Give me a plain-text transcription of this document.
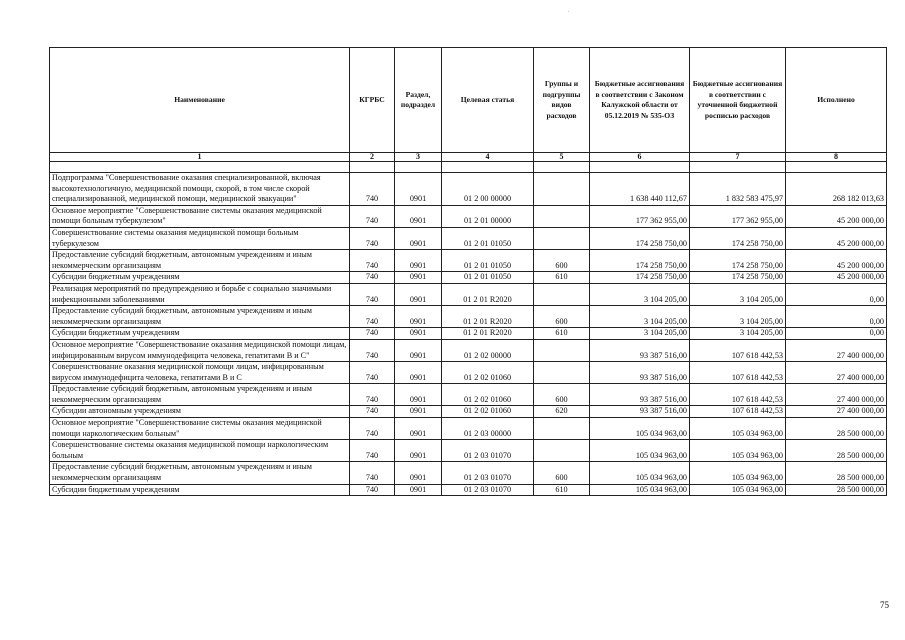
.
Наименование	КГРБС	Раздел, подраздел	Целевая статья	Группы и подгруппы видов расходов	Бюджетные ассигнования в соответствии с Законом Калужской области от 05.12.2019 № 535-ОЗ	Бюджетные ассигнования в соответствии с уточненной бюджетной росписью расходов	Исполнено
1	2	3	4	5	6	7	8

Подпрограмма "Совершенствование оказания специализированной, включая высокотехнологичную, медицинской помощи, скорой, в том числе скорой специализированной, медицинской помощи, медицинской эвакуации"	740	0901	01 2 00 00000		1 638 440 112,67	1 832 583 475,97	268 182 013,63
Основное мероприятие "Совершенствование системы оказания медицинской помощи больным туберкулезом"	740	0901	01 2 01 00000		177 362 955,00	177 362 955,00	45 200 000,00
Совершенствование системы оказания медицинской помощи больным туберкулезом	740	0901	01 2 01 01050		174 258 750,00	174 258 750,00	45 200 000,00
Предоставление субсидий бюджетным, автономным учреждениям и иным некоммерческим организациям	740	0901	01 2 01 01050	600	174 258 750,00	174 258 750,00	45 200 000,00
Субсидии бюджетным учреждениям	740	0901	01 2 01 01050	610	174 258 750,00	174 258 750,00	45 200 000,00
Реализация мероприятий по предупреждению и борьбе с социально значимыми инфекционными заболеваниями	740	0901	01 2 01 R2020		3 104 205,00	3 104 205,00	0,00
Предоставление субсидий бюджетным, автономным учреждениям и иным некоммерческим организациям	740	0901	01 2 01 R2020	600	3 104 205,00	3 104 205,00	0,00
Субсидии бюджетным учреждениям	740	0901	01 2 01 R2020	610	3 104 205,00	3 104 205,00	0,00
Основное мероприятие "Совершенствование оказания медицинской помощи лицам, инфицированным вирусом иммунодефицита человека, гепатитами В и С"	740	0901	01 2 02 00000		93 387 516,00	107 618 442,53	27 400 000,00
Совершенствование оказания медицинской помощи лицам, инфицированным вирусом иммунодефицита человека, гепатитами В и С	740	0901	01 2 02 01060		93 387 516,00	107 618 442,53	27 400 000,00
Предоставление субсидий бюджетным, автономным учреждениям и иным некоммерческим организациям	740	0901	01 2 02 01060	600	93 387 516,00	107 618 442,53	27 400 000,00
Субсидии автономным учреждениям	740	0901	01 2 02 01060	620	93 387 516,00	107 618 442,53	27 400 000,00
Основное мероприятие "Совершенствование системы оказания медицинской помощи наркологическим больным"	740	0901	01 2 03 00000		105 034 963,00	105 034 963,00	28 500 000,00
Совершенствование системы оказания медицинской помощи наркологическим больным	740	0901	01 2 03 01070		105 034 963,00	105 034 963,00	28 500 000,00
Предоставление субсидий бюджетным, автономным учреждениям и иным некоммерческим организациям	740	0901	01 2 03 01070	600	105 034 963,00	105 034 963,00	28 500 000,00
Субсидии бюджетным учреждениям	740	0901	01 2 03 01070	610	105 034 963,00	105 034 963,00	28 500 000,00
75
